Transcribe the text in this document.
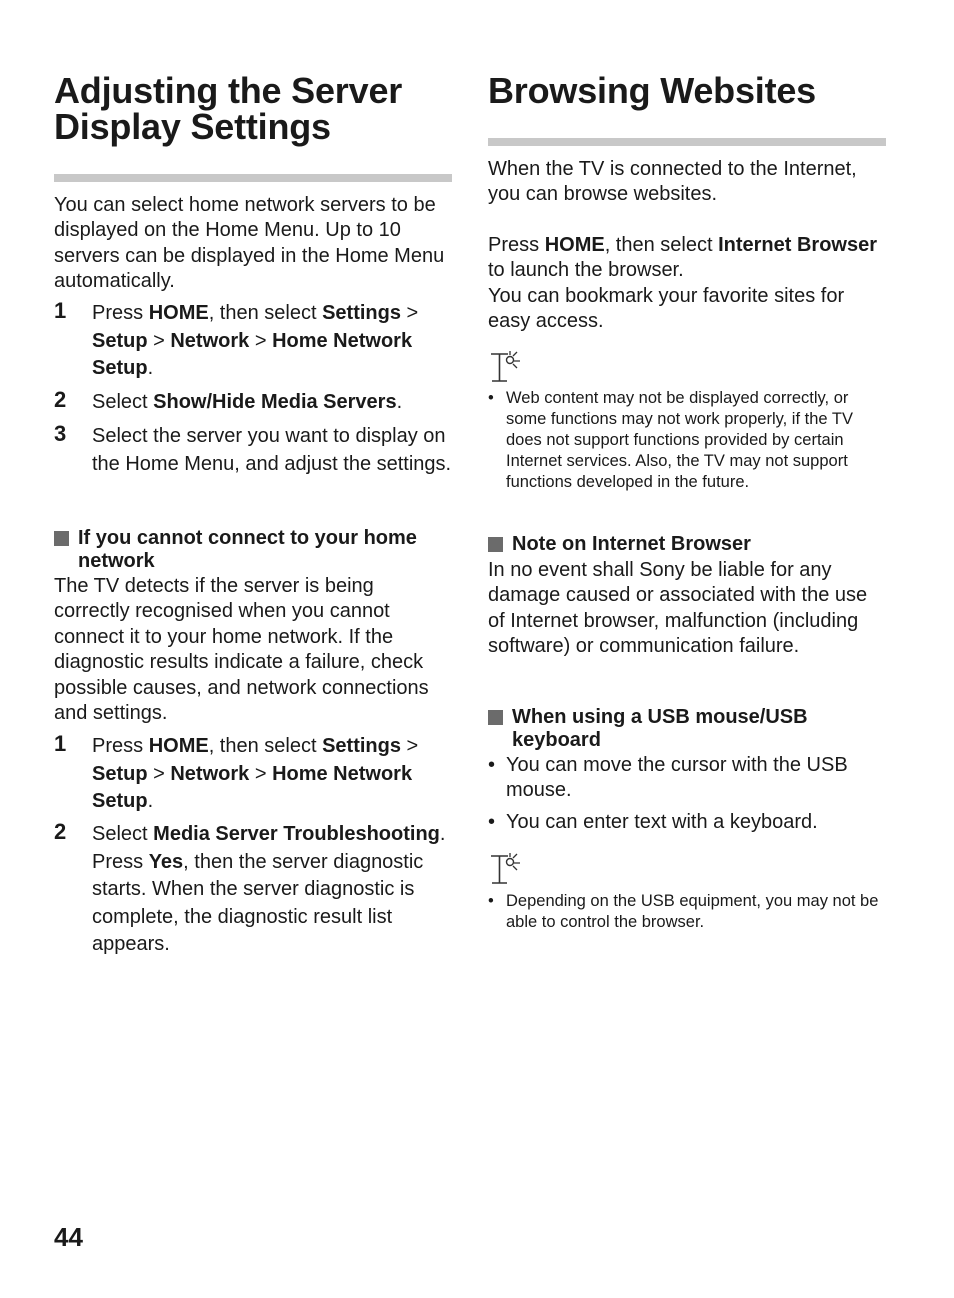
Adjusting the Server Display Settings

You can select home network servers to be displayed on the Home Menu. Up to 10 servers can be displayed in the Home Menu automatically.

1 Press HOME, then select Settings > Setup > Network > Home Network Setup.
2 Select Show/Hide Media Servers.
3 Select the server you want to display on the Home Menu, and adjust the settings.
If you cannot connect to your home network

The TV detects if the server is being correctly recognised when you cannot connect it to your home network. If the diagnostic results indicate a failure, check possible causes, and network connections and settings.

1 Press HOME, then select Settings > Setup > Network > Home Network Setup.
2 Select Media Server Troubleshooting.
Press Yes, then the server diagnostic starts. When the server diagnostic is complete, the diagnostic result list appears.
Browsing Websites

When the TV is connected to the Internet, you can browse websites.

Press HOME, then select Internet Browser to launch the browser.

You can bookmark your favorite sites for easy access.

• Web content may not be displayed correctly, or some functions may not work properly, if the TV does not support functions provided by certain Internet services. Also, the TV may not support functions developed in the future.
Note on Internet Browser

In no event shall Sony be liable for any damage caused or associated with the use of Internet browser, malfunction (including software) or communication failure.

When using a USB mouse/USB keyboard
• You can move the cursor with the USB mouse.
• You can enter text with a keyboard.
• Depending on the USB equipment, you may not be able to control the browser.
44
